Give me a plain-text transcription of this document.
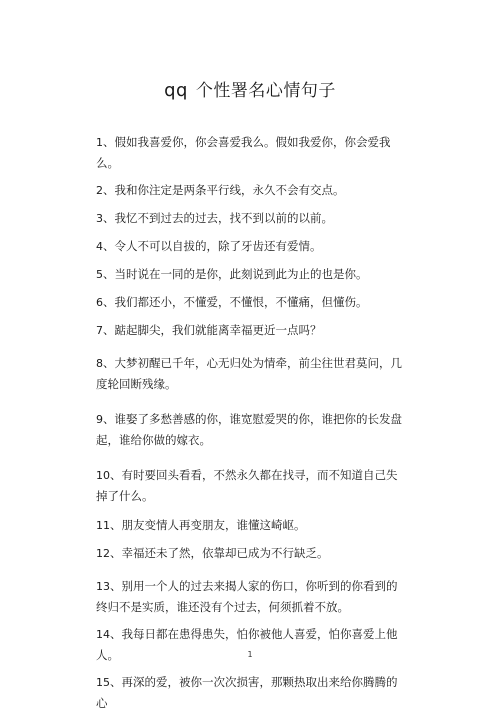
qq 个性署名心情句子
1、假如我喜爱你，你会喜爱我么。假如我爱你，你会爱我么。
2、我和你注定是两条平行线，永久不会有交点。
3、我忆不到过去的过去，找不到以前的以前。
4、令人不可以自拔的，除了牙齿还有爱情。
5、当时说在一同的是你，此刻说到此为止的也是你。
6、我们都还小，不懂爱，不懂恨，不懂痛，但懂伤。
7、踮起脚尖，我们就能离幸福更近一点吗？
8、大梦初醒已千年，心无归处为情牵，前尘往世君莫问，几度轮回断残缘。
9、谁娶了多愁善感的你，谁宽慰爱哭的你，谁把你的长发盘起，谁给你做的嫁衣。
10、有时要回头看看，不然永久都在找寻，而不知道自己失掉了什么。
11、朋友变情人再变朋友，谁懂这崎岖。
12、幸福还未了然，依靠却已成为不行缺乏。
13、别用一个人的过去来揭人家的伤口，你听到的你看到的终归不是实质，谁还没有个过去，何须抓着不放。
14、我每日都在患得患失，怕你被他人喜爱，怕你喜爱上他人。
15、再深的爱，被你一次次损害，那颗热取出来给你腾腾的心
1
